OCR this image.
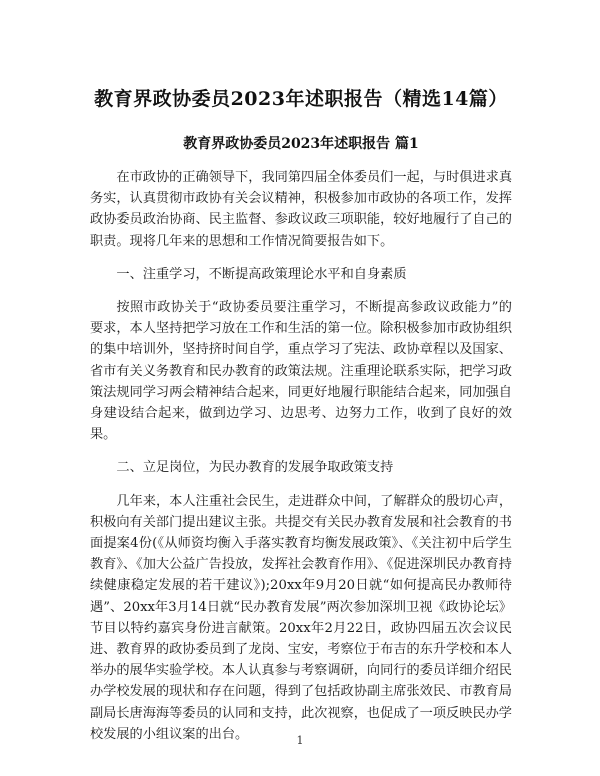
教育界政协委员2023年述职报告（精选14篇）
教育界政协委员2023年述职报告 篇1

在市政协的正确领导下，我同第四届全体委员们一起，与时俱进求真务实，认真贯彻市政协有关会议精神，积极参加市政协的各项工作，发挥政协委员政治协商、民主监督、参政议政三项职能，较好地履行了自己的职责。现将几年来的思想和工作情况简要报告如下。

一、注重学习，不断提高政策理论水平和自身素质

按照市政协关于“政协委员要注重学习，不断提高参政议政能力”的要求，本人坚持把学习放在工作和生活的第一位。除积极参加市政协组织的集中培训外，坚持挤时间自学，重点学习了宪法、政协章程以及国家、省市有关义务教育和民办教育的政策法规。注重理论联系实际，把学习政策法规同学习两会精神结合起来，同更好地履行职能结合起来，同加强自身建设结合起来，做到边学习、边思考、边努力工作，收到了良好的效果。

二、立足岗位，为民办教育的发展争取政策支持

几年来，本人注重社会民生，走进群众中间，了解群众的殷切心声，积极向有关部门提出建议主张。共提交有关民办教育发展和社会教育的书面提案4份(《从师资均衡入手落实教育均衡发展政策》、《关注初中后学生教育》、《加大公益广告投放，发挥社会教育作用》、《促进深圳民办教育持续健康稳定发展的若干建议》);20xx年9月20日就“如何提高民办教师待遇”、20xx年3月14日就“民办教育发展”两次参加深圳卫视《政协论坛》节目以特约嘉宾身份进言献策。20xx年2月22日，政协四届五次会议民进、教育界的政协委员到了龙岗、宝安，考察位于布吉的东升学校和本人举办的展华实验学校。本人认真参与考察调研，向同行的委员详细介绍民办学校发展的现状和存在问题，得到了包括政协副主席张效民、市教育局副局长唐海海等委员的认同和支持，此次视察，也促成了一项反映民办学校发展的小组议案的出台。	1
